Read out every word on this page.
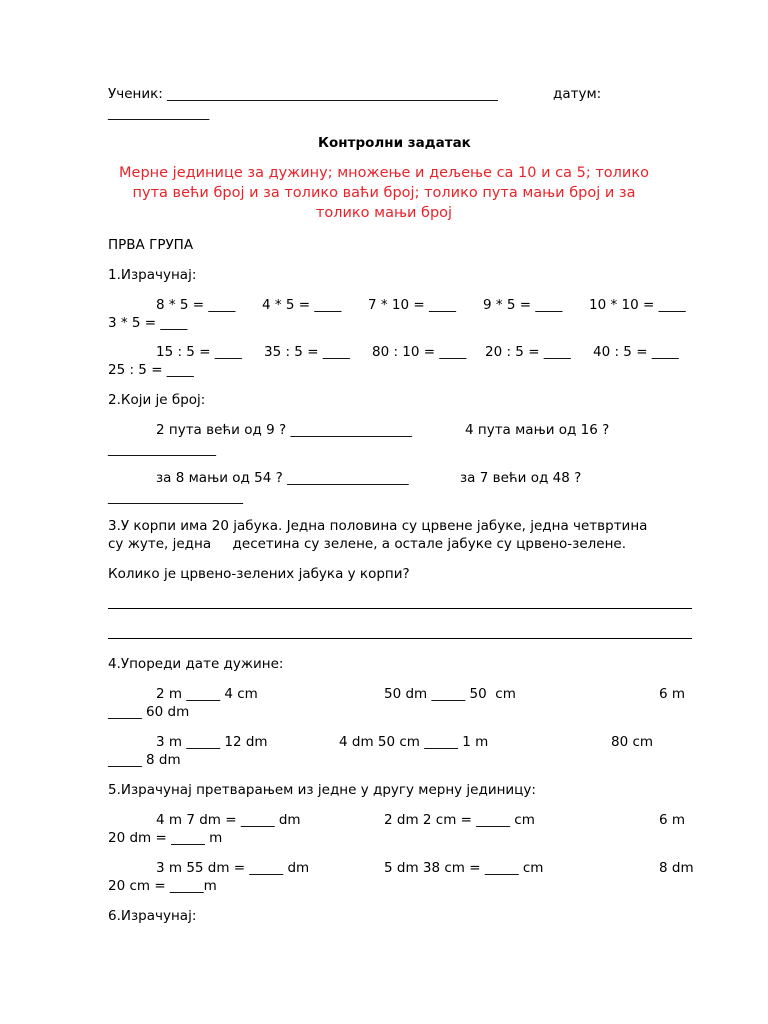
Ученик: _________________________________________________	датум:
_______________
Контролни задатак
Мерне јединице за дужину; множење и дељење са 10 и са 5; толико
пута већи број и за толико ваћи број; толико пута мањи број и за
толико мањи број
ПРВА ГРУПА
1.Израчунај:
8 * 5 = ____ 4 * 5 = ____ 7 * 10 = ____ 9 * 5 = ____ 10 * 10 = ____
3 * 5 = ____
15 : 5 = ____ 35 : 5 = ____ 80 : 10 = ____ 20 : 5 = ____ 40 : 5 = ____
25 : 5 = ____
2.Који је број:
2 пута већи од 9 ? __________________	4 пута мањи од 16 ?
________________
за 8 мањи од 54 ? __________________	за 7 већи од 48 ?
____________________
3.У корпи има 20 јабука. Једна половина су црвене јабуке, једна четвртина
су жуте, једна     десетина су зелене, а остале јабуке су црвено-зелене.
Колико је црвено-зелених јабука у корпи?
4.Упореди дате дужине:
2 m _____ 4 cm	50 dm _____ 50  cm	6 m
_____ 60 dm
3 m _____ 12 dm	4 dm 50 cm _____ 1 m	80 cm
_____ 8 dm
5.Израчунај претварањем из једне у другу мерну јединицу:
4 m 7 dm = _____ dm	2 dm 2 cm = _____ cm	6 m
20 dm = _____ m
3 m 55 dm = _____ dm	5 dm 38 cm = _____ cm	8 dm
20 cm = _____m
6.Израчунај:
